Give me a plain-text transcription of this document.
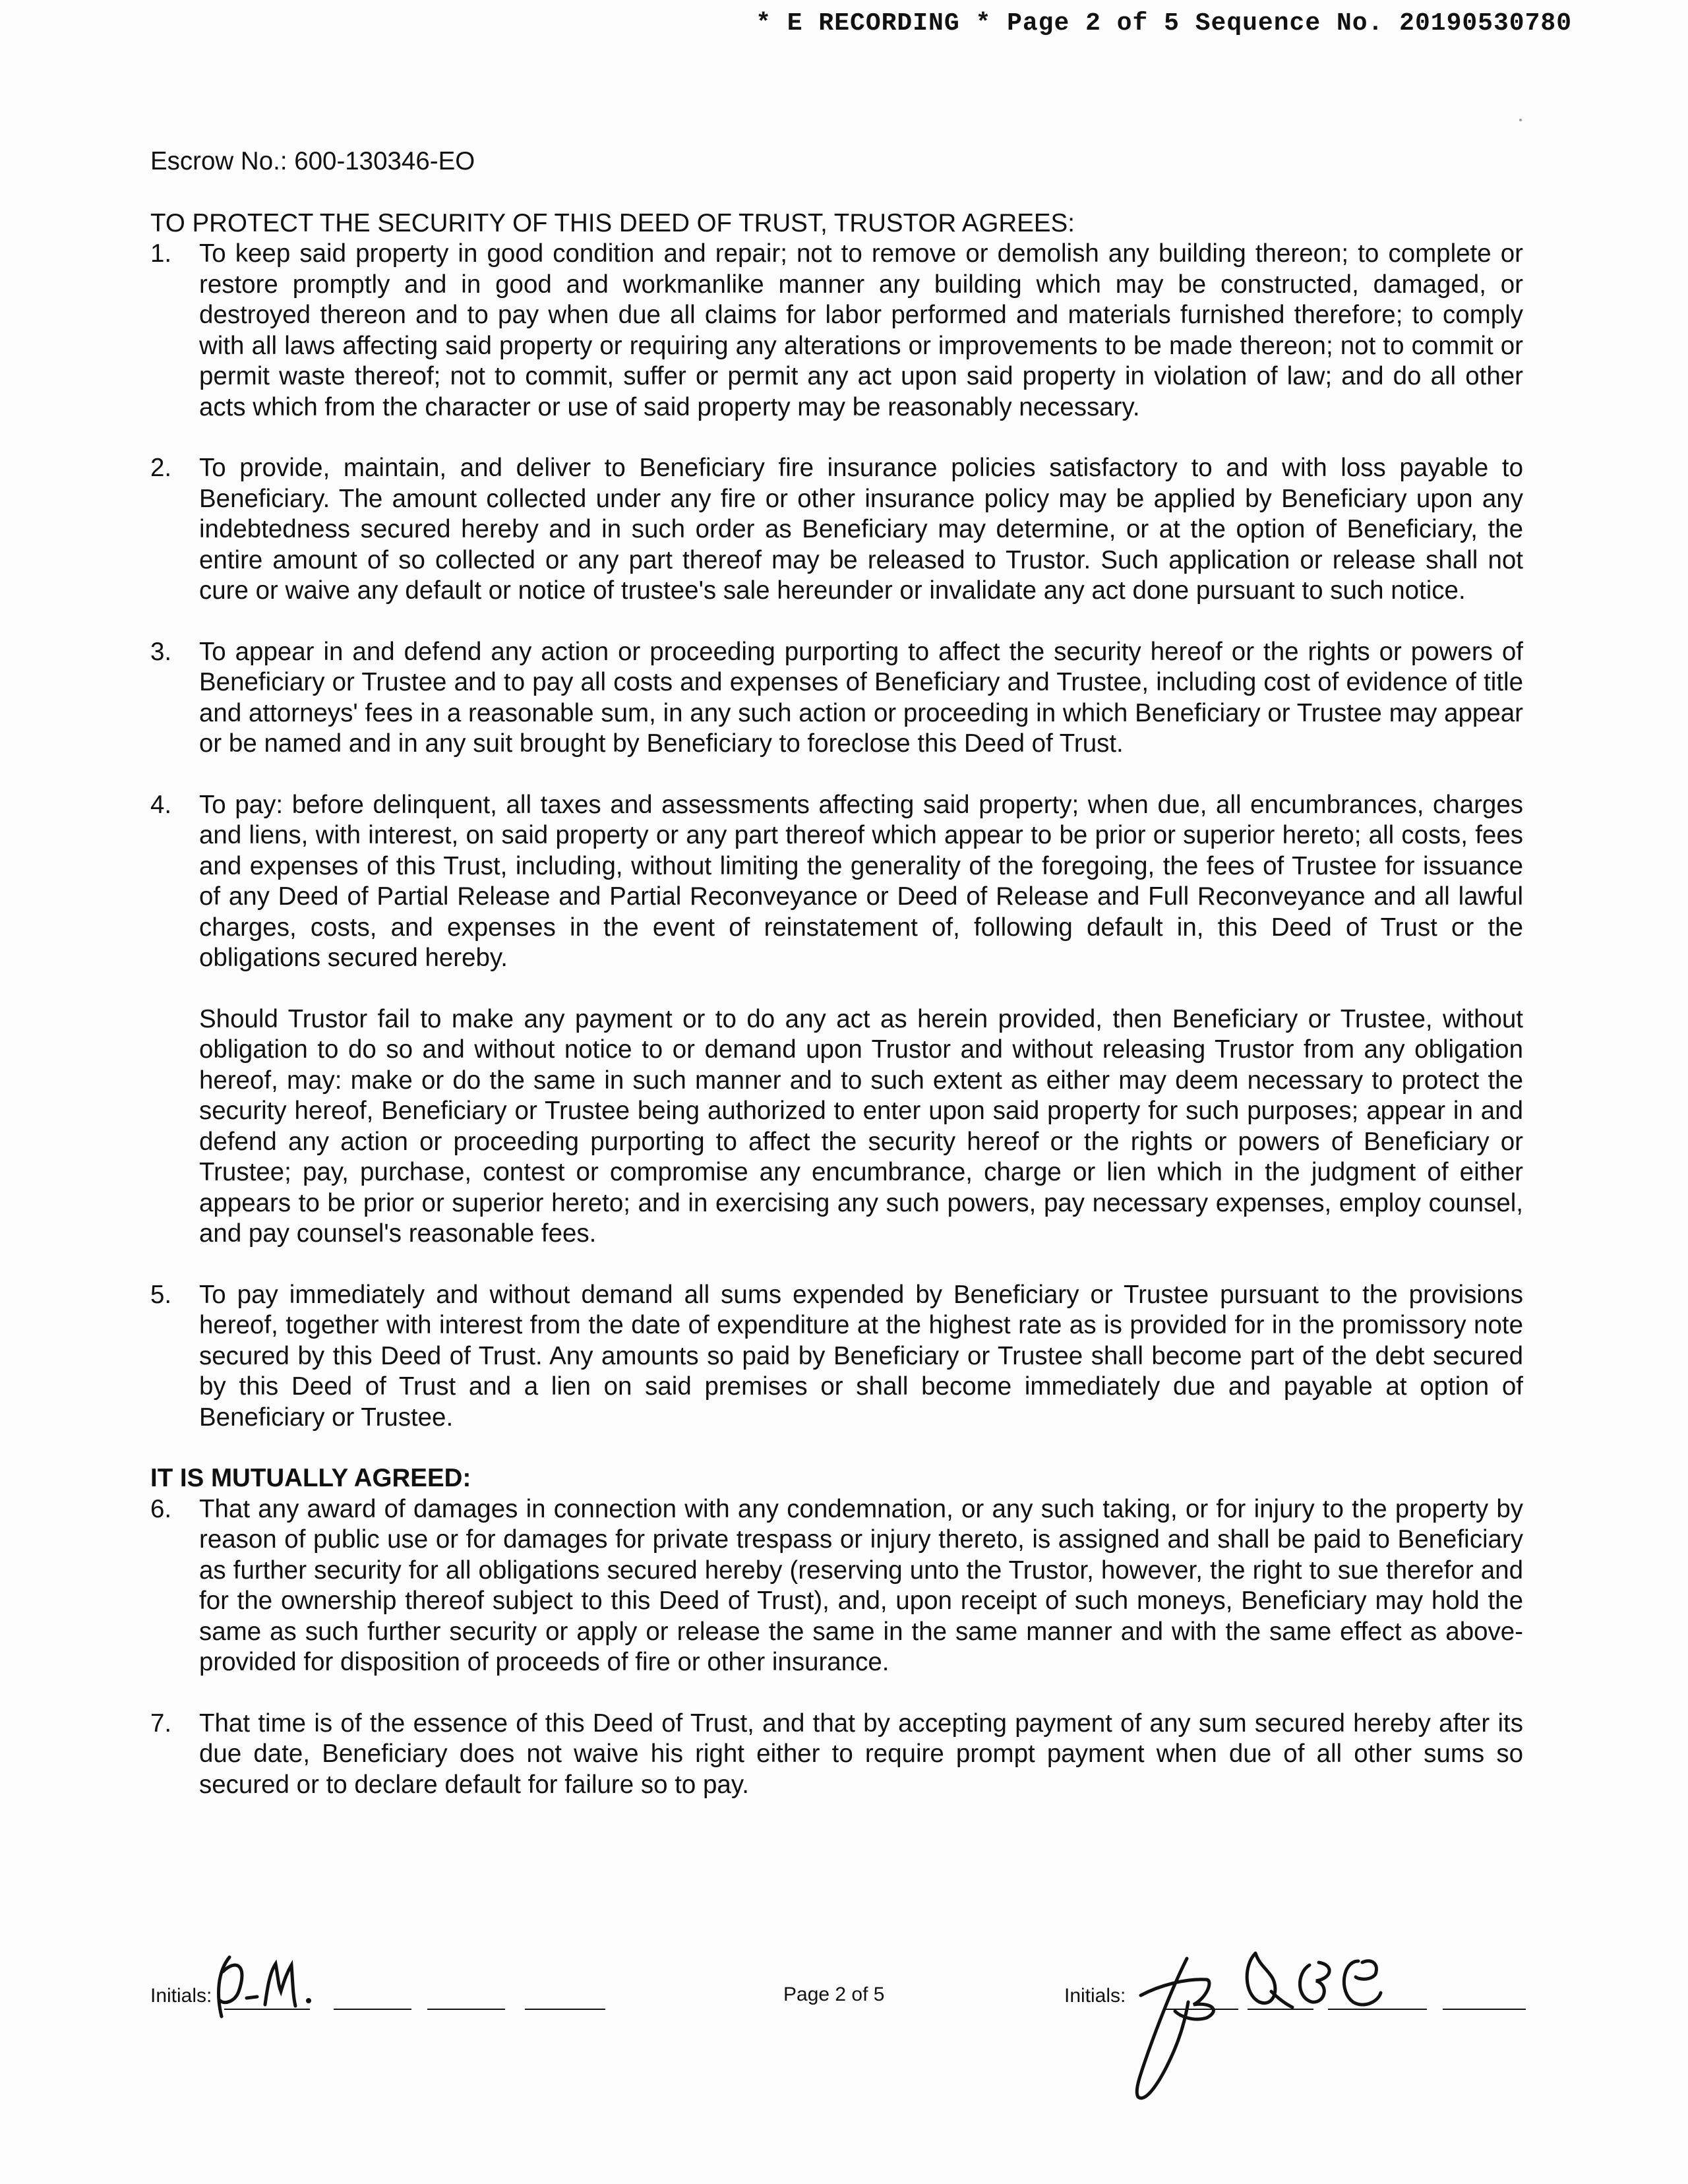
* E RECORDING * Page 2 of 5 Sequence No. 20190530780
Escrow No.: 600-130346-EO
TO PROTECT THE SECURITY OF THIS DEED OF TRUST, TRUSTOR AGREES:
1.	To keep said property in good condition and repair; not to remove or demolish any building thereon; to complete or restore promptly and in good and workmanlike manner any building which may be constructed, damaged, or destroyed thereon and to pay when due all claims for labor performed and materials furnished therefore; to comply with all laws affecting said property or requiring any alterations or improvements to be made thereon; not to commit or permit waste thereof; not to commit, suffer or permit any act upon said property in violation of law; and do all other acts which from the character or use of said property may be reasonably necessary.

2.	To provide, maintain, and deliver to Beneficiary fire insurance policies satisfactory to and with loss payable to Beneficiary. The amount collected under any fire or other insurance policy may be applied by Beneficiary upon any indebtedness secured hereby and in such order as Beneficiary may determine, or at the option of Beneficiary, the entire amount of so collected or any part thereof may be released to Trustor. Such application or release shall not cure or waive any default or notice of trustee's sale hereunder or invalidate any act done pursuant to such notice.

3.	To appear in and defend any action or proceeding purporting to affect the security hereof or the rights or powers of Beneficiary or Trustee and to pay all costs and expenses of Beneficiary and Trustee, including cost of evidence of title and attorneys' fees in a reasonable sum, in any such action or proceeding in which Beneficiary or Trustee may appear or be named and in any suit brought by Beneficiary to foreclose this Deed of Trust.

4.	To pay: before delinquent, all taxes and assessments affecting said property; when due, all encumbrances, charges and liens, with interest, on said property or any part thereof which appear to be prior or superior hereto; all costs, fees and expenses of this Trust, including, without limiting the generality of the foregoing, the fees of Trustee for issuance of any Deed of Partial Release and Partial Reconveyance or Deed of Release and Full Reconveyance and all lawful charges, costs, and expenses in the event of reinstatement of, following default in, this Deed of Trust or the obligations secured hereby.

Should Trustor fail to make any payment or to do any act as herein provided, then Beneficiary or Trustee, without obligation to do so and without notice to or demand upon Trustor and without releasing Trustor from any obligation hereof, may: make or do the same in such manner and to such extent as either may deem necessary to protect the security hereof, Beneficiary or Trustee being authorized to enter upon said property for such purposes; appear in and defend any action or proceeding purporting to affect the security hereof or the rights or powers of Beneficiary or Trustee; pay, purchase, contest or compromise any encumbrance, charge or lien which in the judgment of either appears to be prior or superior hereto; and in exercising any such powers, pay necessary expenses, employ counsel, and pay counsel's reasonable fees.

5.	To pay immediately and without demand all sums expended by Beneficiary or Trustee pursuant to the provisions hereof, together with interest from the date of expenditure at the highest rate as is provided for in the promissory note secured by this Deed of Trust. Any amounts so paid by Beneficiary or Trustee shall become part of the debt secured by this Deed of Trust and a lien on said premises or shall become immediately due and payable at option of Beneficiary or Trustee.

IT IS MUTUALLY AGREED:
6.	That any award of damages in connection with any condemnation, or any such taking, or for injury to the property by reason of public use or for damages for private trespass or injury thereto, is assigned and shall be paid to Beneficiary as further security for all obligations secured hereby (reserving unto the Trustor, however, the right to sue therefor and for the ownership thereof subject to this Deed of Trust), and, upon receipt of such moneys, Beneficiary may hold the same as such further security or apply or release the same in the same manner and with the same effect as above-provided for disposition of proceeds of fire or other insurance.

7.	That time is of the essence of this Deed of Trust, and that by accepting payment of any sum secured hereby after its due date, Beneficiary does not waive his right either to require prompt payment when due of all other sums so secured or to declare default for failure so to pay.

Initials:	Page 2 of 5	Initials:
